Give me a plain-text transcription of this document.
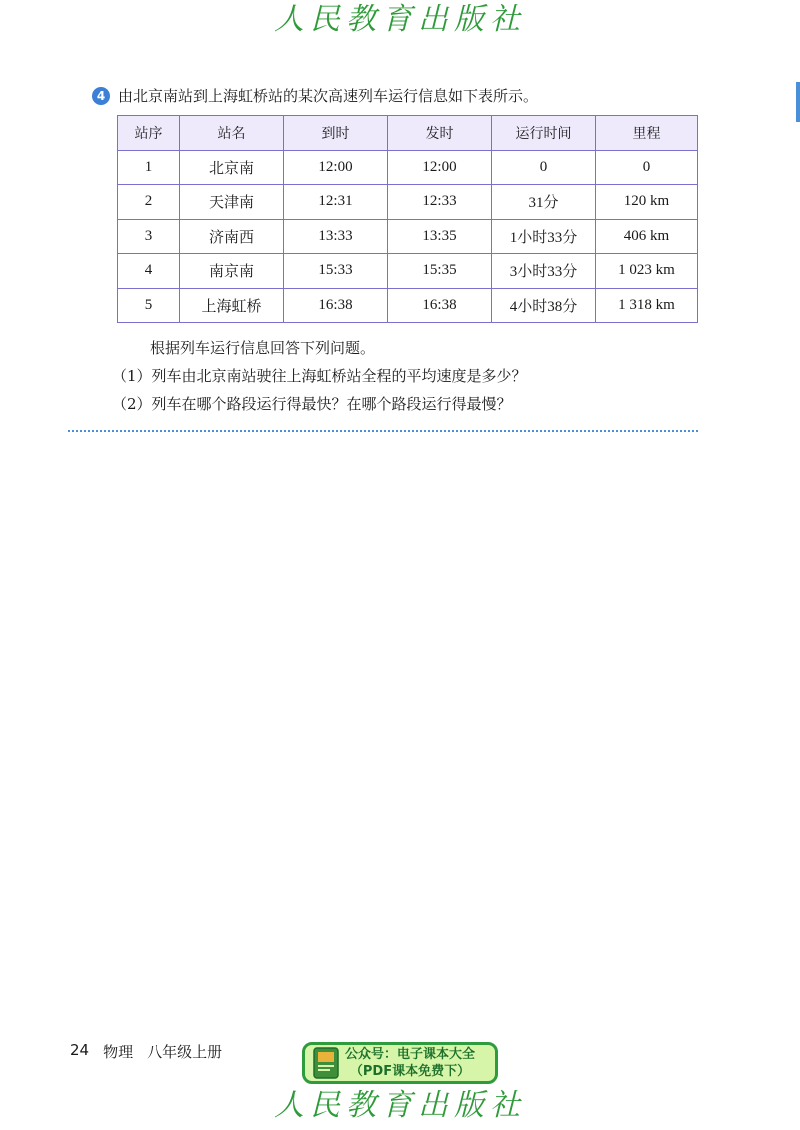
人民教育出版社
4 由北京南站到上海虹桥站的某次高速列车运行信息如下表所示。
站序	站名	到时	发时	运行时间	里程
1	北京南	12:00	12:00	0	0
2	天津南	12:31	12:33	31分	120 km
3	济南西	13:33	13:35	1小时33分	406 km
4	南京南	15:33	15:35	3小时33分	1 023 km
5	上海虹桥	16:38	16:38	4小时38分	1 318 km
根据列车运行信息回答下列问题。
（1）列车由北京南站驶往上海虹桥站全程的平均速度是多少？
（2）列车在哪个路段运行得最快？在哪个路段运行得最慢？
24 物理 八年级上册	公众号：电子课本大全
（PDF课本免费下）
人民教育出版社
